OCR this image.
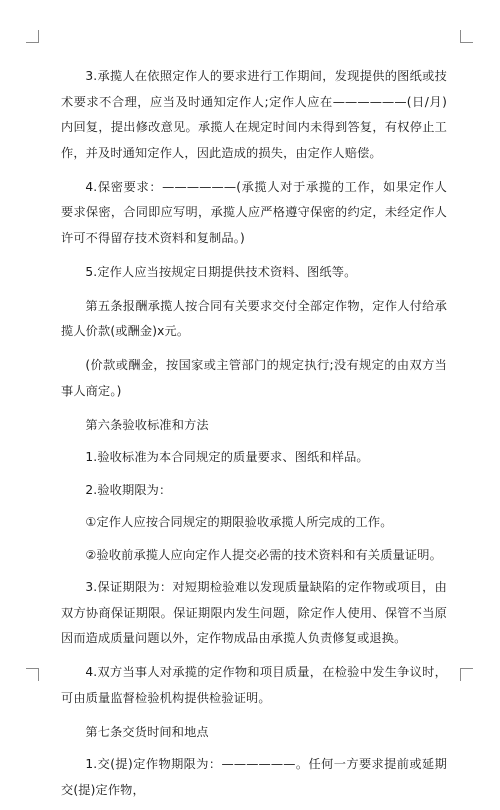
3.承揽人在依照定作人的要求进行工作期间，发现提供的图纸或技术要求不合理，应当及时通知定作人;定作人应在——————(日/月)内回复，提出修改意见。承揽人在规定时间内未得到答复，有权停止工作，并及时通知定作人，因此造成的损失，由定作人赔偿。

4.保密要求：——————(承揽人对于承揽的工作，如果定作人要求保密，合同即应写明，承揽人应严格遵守保密的约定，未经定作人许可不得留存技术资料和复制品。)

5.定作人应当按规定日期提供技术资料、图纸等。

第五条报酬承揽人按合同有关要求交付全部定作物，定作人付给承揽人价款(或酬金)x元。

(价款或酬金，按国家或主管部门的规定执行;没有规定的由双方当事人商定。)

第六条验收标准和方法

1.验收标准为本合同规定的质量要求、图纸和样品。

2.验收期限为：

①定作人应按合同规定的期限验收承揽人所完成的工作。

②验收前承揽人应向定作人提交必需的技术资料和有关质量证明。

3.保证期限为：对短期检验难以发现质量缺陷的定作物或项目，由双方协商保证期限。保证期限内发生问题，除定作人使用、保管不当原因而造成质量问题以外，定作物成品由承揽人负责修复或退换。

4.双方当事人对承揽的定作物和项目质量，在检验中发生争议时，可由质量监督检验机构提供检验证明。

第七条交货时间和地点

1.交(提)定作物期限为：——————。任何一方要求提前或延期交(提)定作物，
